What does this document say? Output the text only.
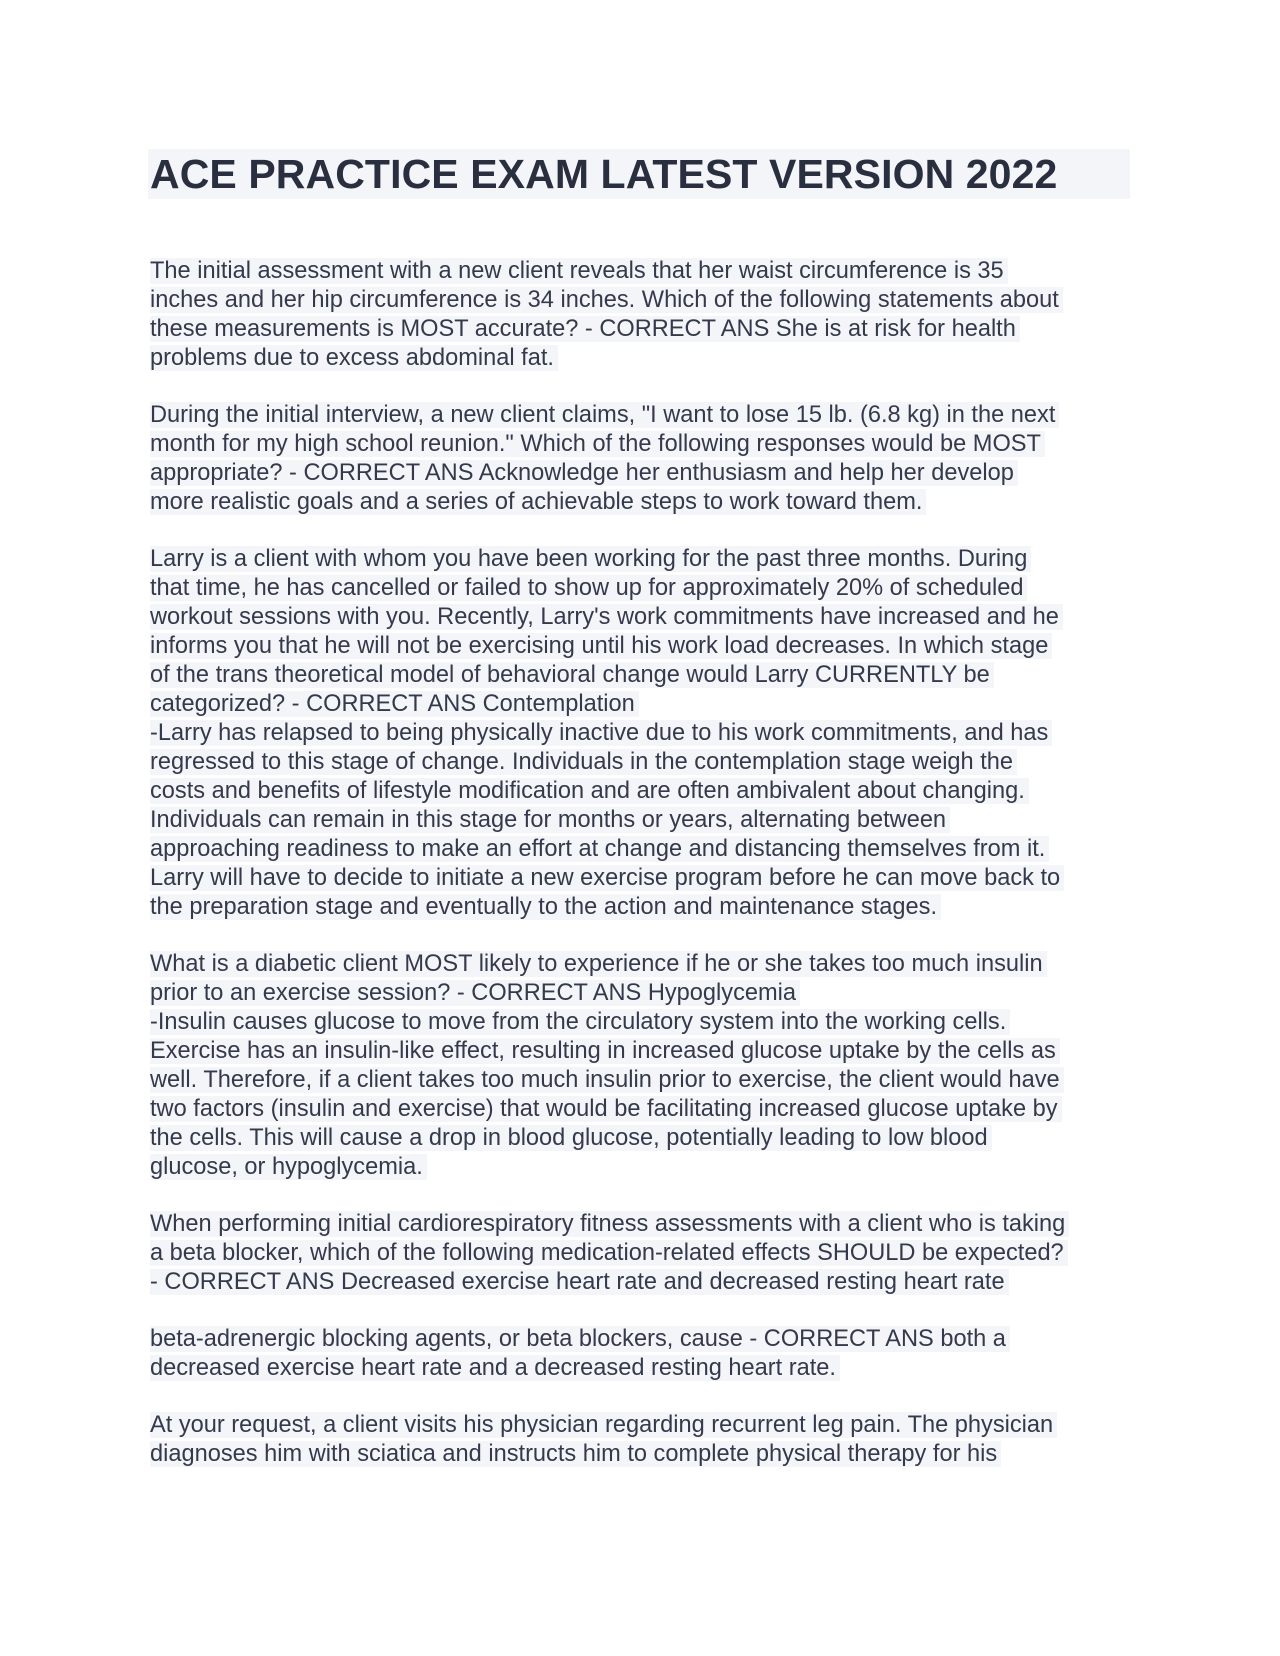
ACE PRACTICE EXAM LATEST VERSION 2022
The initial assessment with a new client reveals that her waist circumference is 35
inches and her hip circumference is 34 inches. Which of the following statements about
these measurements is MOST accurate? - CORRECT ANS She is at risk for health
problems due to excess abdominal fat.
During the initial interview, a new client claims, "I want to lose 15 lb. (6.8 kg) in the next
month for my high school reunion." Which of the following responses would be MOST
appropriate? - CORRECT ANS Acknowledge her enthusiasm and help her develop
more realistic goals and a series of achievable steps to work toward them.
Larry is a client with whom you have been working for the past three months. During
that time, he has cancelled or failed to show up for approximately 20% of scheduled
workout sessions with you. Recently, Larry's work commitments have increased and he
informs you that he will not be exercising until his work load decreases. In which stage
of the trans theoretical model of behavioral change would Larry CURRENTLY be
categorized? - CORRECT ANS Contemplation
-Larry has relapsed to being physically inactive due to his work commitments, and has
regressed to this stage of change. Individuals in the contemplation stage weigh the
costs and benefits of lifestyle modification and are often ambivalent about changing.
Individuals can remain in this stage for months or years, alternating between
approaching readiness to make an effort at change and distancing themselves from it.
Larry will have to decide to initiate a new exercise program before he can move back to
the preparation stage and eventually to the action and maintenance stages.
What is a diabetic client MOST likely to experience if he or she takes too much insulin
prior to an exercise session? - CORRECT ANS Hypoglycemia
-Insulin causes glucose to move from the circulatory system into the working cells.
Exercise has an insulin-like effect, resulting in increased glucose uptake by the cells as
well. Therefore, if a client takes too much insulin prior to exercise, the client would have
two factors (insulin and exercise) that would be facilitating increased glucose uptake by
the cells. This will cause a drop in blood glucose, potentially leading to low blood
glucose, or hypoglycemia.
When performing initial cardiorespiratory fitness assessments with a client who is taking
a beta blocker, which of the following medication-related effects SHOULD be expected?
- CORRECT ANS Decreased exercise heart rate and decreased resting heart rate
beta-adrenergic blocking agents, or beta blockers, cause - CORRECT ANS both a
decreased exercise heart rate and a decreased resting heart rate.
At your request, a client visits his physician regarding recurrent leg pain. The physician
diagnoses him with sciatica and instructs him to complete physical therapy for his
